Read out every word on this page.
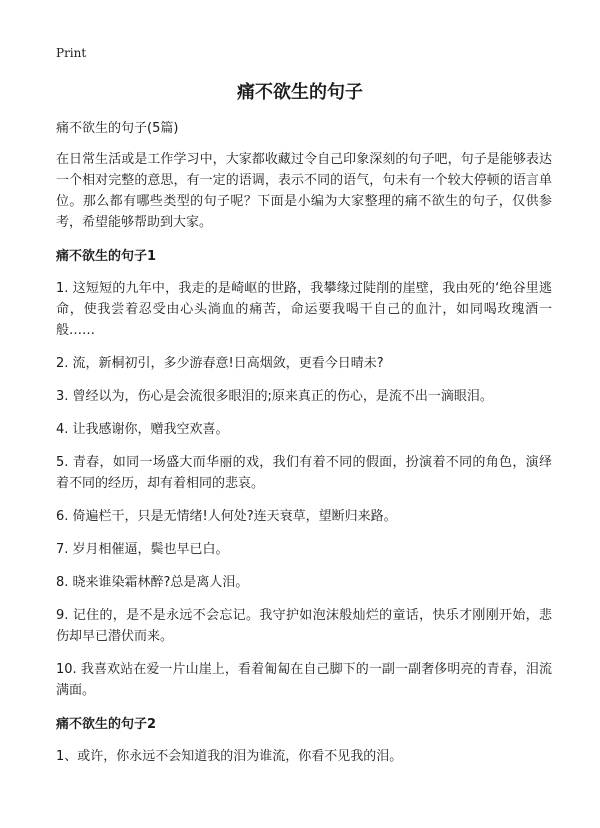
Print
痛不欲生的句子

痛不欲生的句子(5篇)

在日常生活或是工作学习中，大家都收藏过令自己印象深刻的句子吧，句子是能够表达一个相对完整的意思，有一定的语调，表示不同的语气，句未有一个较大停顿的语言单位。那么都有哪些类型的句子呢？下面是小编为大家整理的痛不欲生的句子，仅供参考，希望能够帮助到大家。

痛不欲生的句子1

1. 这短短的九年中，我走的是崎岖的世路，我攀缘过陡削的崖壁，我由死的‘绝谷里逃命，使我尝着忍受由心头淌血的痛苦，命运要我喝干自己的血汁，如同喝玫瑰酒一般……

2. 流，新桐初引，多少游春意!日高烟敛，更看今日晴未?

3. 曾经以为，伤心是会流很多眼泪的;原来真正的伤心，是流不出一滴眼泪。

4. 让我感谢你，赠我空欢喜。

5. 青春，如同一场盛大而华丽的戏，我们有着不同的假面，扮演着不同的角色，演绎着不同的经历，却有着相同的悲哀。

6. 倚遍栏干，只是无情绪!人何处?连天衰草，望断归来路。

7. 岁月相催逼，鬓也早已白。

8. 晓来谁染霜林醉?总是离人泪。

9. 记住的，是不是永远不会忘记。我守护如泡沫般灿烂的童话，快乐才刚刚开始，悲伤却早已潜伏而来。

10. 我喜欢站在爱一片山崖上，看着匍匐在自己脚下的一副一副奢侈明亮的青春，泪流满面。

痛不欲生的句子2

1、或许，你永远不会知道我的泪为谁流，你看不见我的泪。
